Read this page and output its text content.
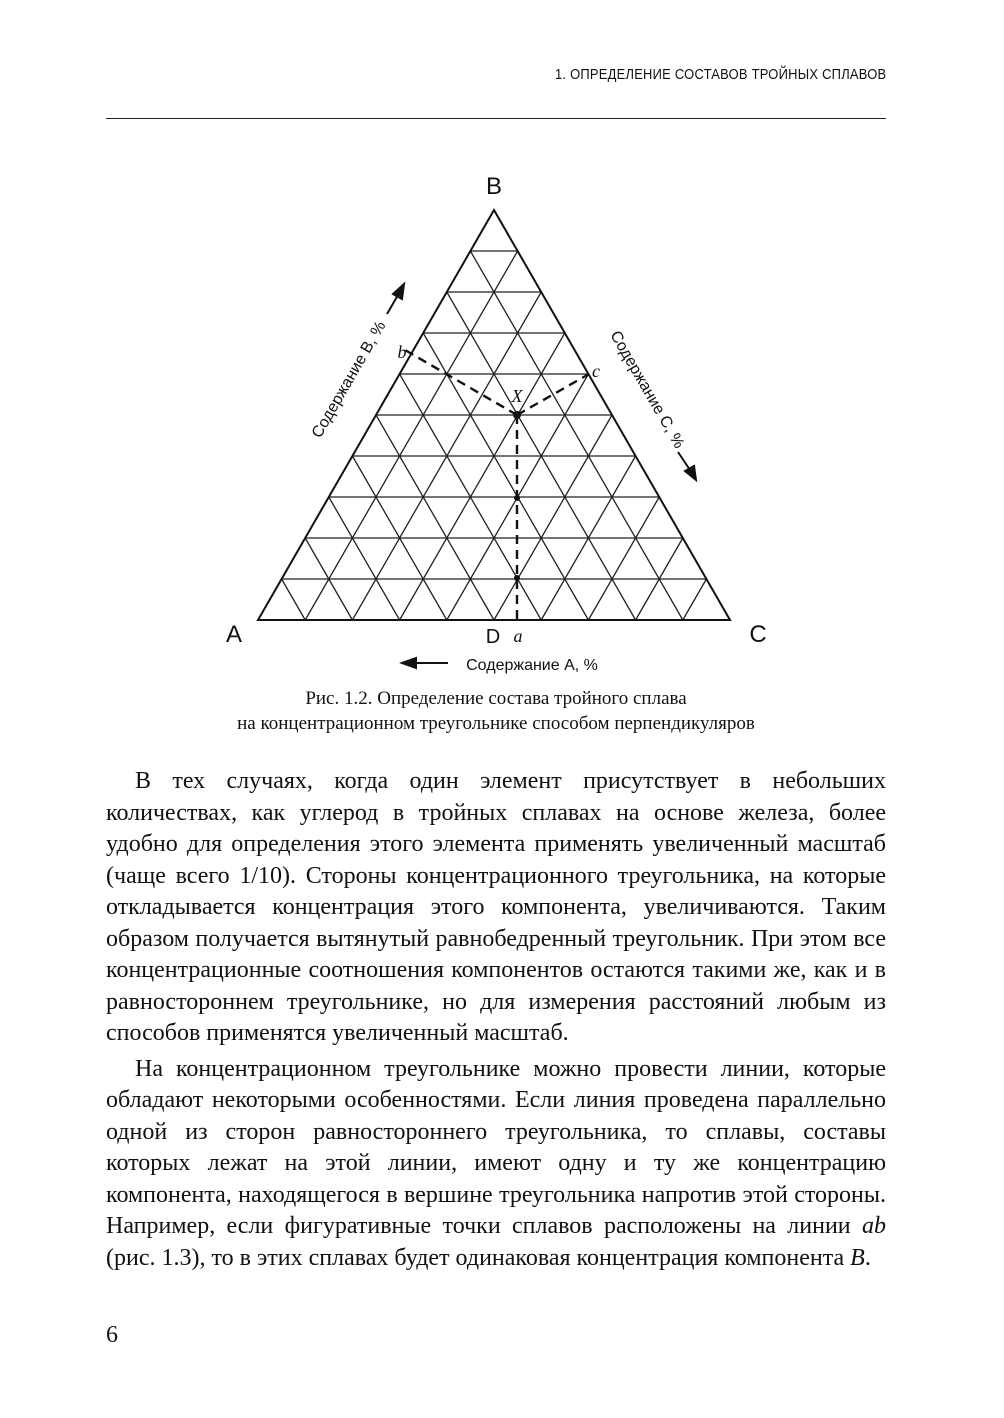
1. ОПРЕДЕЛЕНИЕ СОСТАВОВ ТРОЙНЫХ СПЛАВОВ
B
A	C
D a
b
c
X
Содержание А, %
Содержание B, %	Содержание C, %
Рис. 1.2. Определение состава тройного сплава
на концентрационном треугольнике способом перпендикуляров

В тех случаях, когда один элемент присутствует в небольших количествах, как углерод в тройных сплавах на основе железа, более удобно для определения этого элемента применять увеличенный масштаб (чаще всего 1/10). Стороны концентрационного треугольника, на которые откладывается концентрация этого компонента, увеличиваются. Таким образом получается вытянутый равнобедренный треугольник. При этом все концентрационные соотношения компонентов остаются такими же, как и в равностороннем треугольнике, но для измерения расстояний любым из способов применятся увеличенный масштаб.

На концентрационном треугольнике можно провести линии, которые обладают некоторыми особенностями. Если линия проведена параллельно одной из сторон равностороннего треугольника, то сплавы, составы которых лежат на этой линии, имеют одну и ту же концентрацию компонента, находящегося в вершине треугольника напротив этой стороны. Например, если фигуративные точки сплавов расположены на линии ab (рис. 1.3), то в этих сплавах будет одинаковая концентрация компонента B.

6
